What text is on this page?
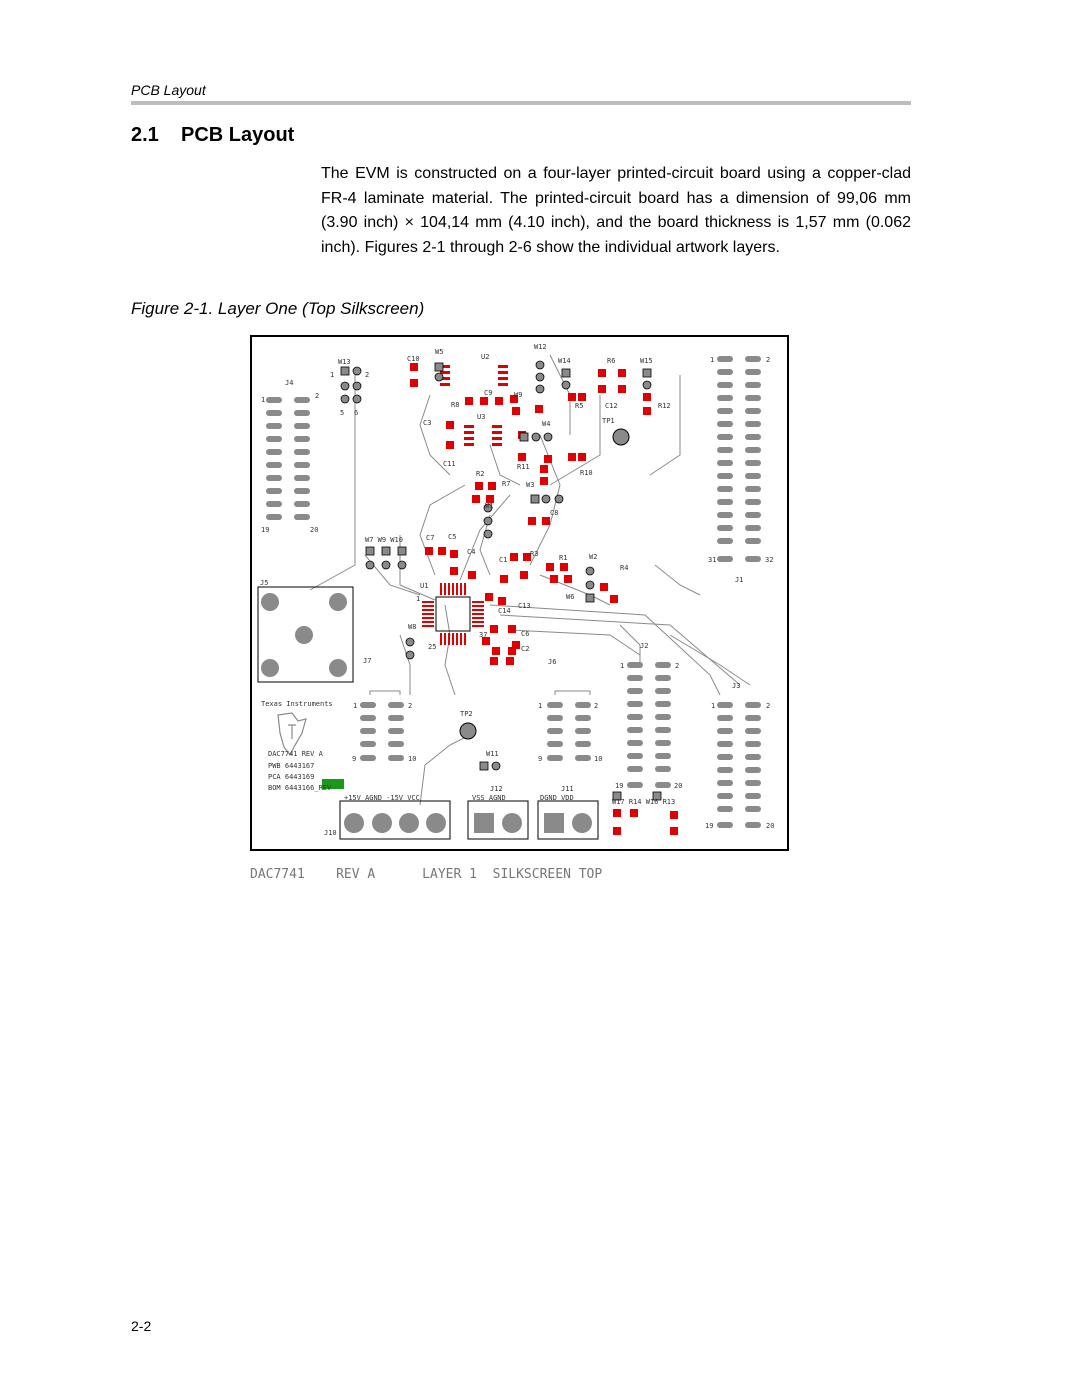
PCB Layout
2.1 PCB Layout
The EVM is constructed on a four-layer printed-circuit board using a copper-clad FR-4 laminate material. The printed-circuit board has a dimension of 99,06 mm (3.90 inch) × 104,14 mm (4.10 inch), and the board thickness is 1,57 mm (0.062 inch). Figures 2-1 through 2-6 show the individual artwork layers.
Figure 2-1. Layer One (Top Silkscreen)
W13	C10
W5
U2
W12
W14	R6	W15
J4
R8
C9	W9
R5	C12	R12
C3
U3
W4	TP1
C11	R11
R10
R2
R7 W3
W1
C8
W7 W9 W10	C7 C5
C4
C1
R3	R1	W2
R4
J5	U1
W6
C14
C13
W8
C6
C2	J2
J7	J6
J3
J1
TP2
W11
Texas Instruments
DAC7741 REV A
PWB 6443167
PCA 6443169
BOM 6443166_REV
+15V AGND -15V VCC
J12
VSS AGND
J11
DGND VDD	W17 R14 W16 R13
J10
1	2
31	32
1	2
19	20
1	2
5 6
1	2
9	10
1	2
9	10
1	2
19	20
1	2
19	20
1
25
37
DAC7741    REV A      LAYER 1  SILKSCREEN TOP
2-2
